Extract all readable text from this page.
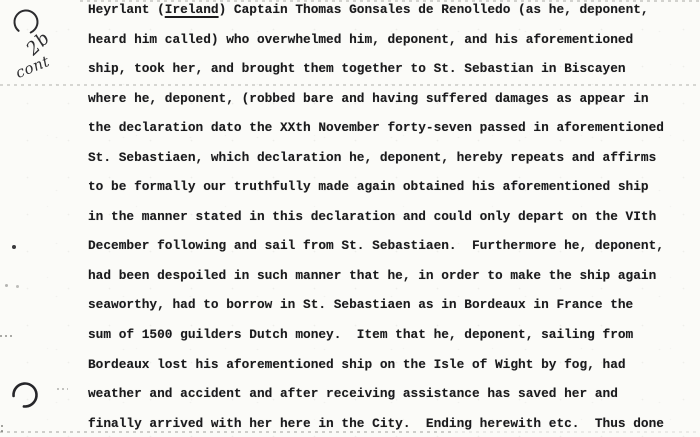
2b
cont
Heyrlant (Ireland) Captain Thomas Gonsales de Renolledo (as he, deponent,
heard him called) who overwhelmed him, deponent, and his aforementioned
ship, took her, and brought them together to St. Sebastian in Biscayen
where he, deponent, (robbed bare and having suffered damages as appear in
the declaration dato the XXth November forty-seven passed in aforementioned
St. Sebastiaen, which declaration he, deponent, hereby repeats and affirms
to be formally our truthfully made again obtained his aforementioned ship
in the manner stated in this declaration and could only depart on the VIth
December following and sail from St. Sebastiaen.  Furthermore he, deponent,
had been despoiled in such manner that he, in order to make the ship again
seaworthy, had to borrow in St. Sebastiaen as in Bordeaux in France the
sum of 1500 guilders Dutch money.  Item that he, deponent, sailing from
Bordeaux lost his aforementioned ship on the Isle of Wight by fog, had
weather and accident and after receiving assistance has saved her and
finally arrived with her here in the City.  Ending herewith etc.  Thus done
